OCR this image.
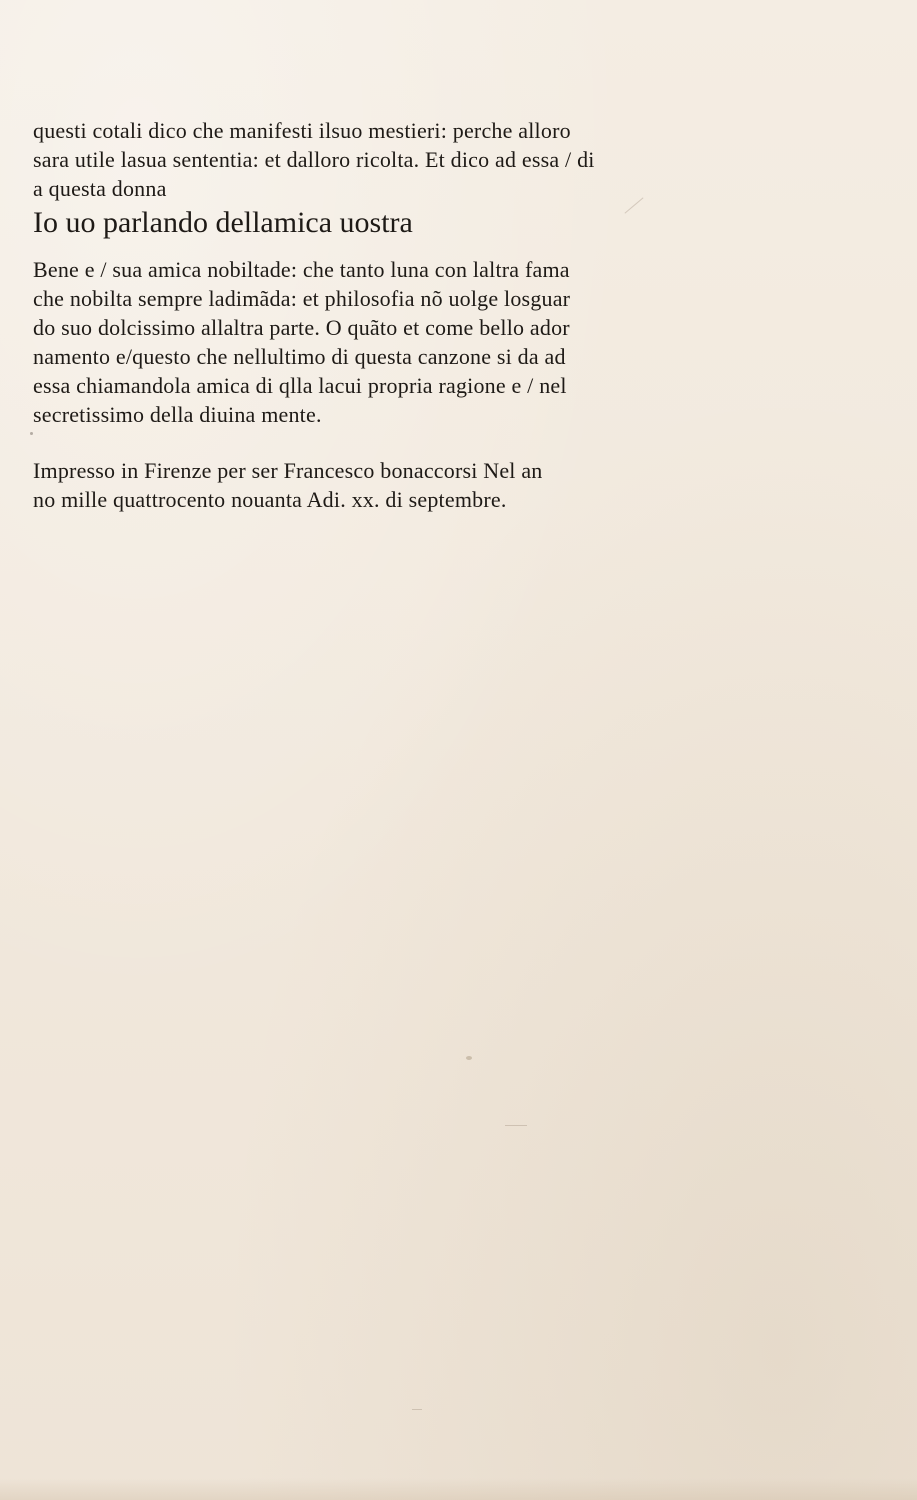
questi cotali dico che manifesti ilsuo mestieri: perche alloro
sara utile lasua sententia: et dalloro ricolta. Et dico ad essa / di
a questa donna
Io uo parlando dellamica uostra
Bene e / sua amica nobiltade: che tanto luna con laltra fama
che nobilta sempre ladimãda: et philosofia nõ uolge losguar
do suo dolcissimo allaltra parte. O quãto et come bello ador
namento e/questo che nellultimo di questa canzone si da ad
essa chiamandola amica di qlla lacui propria ragione e / nel
secretissimo della diuina mente.
Impresso in Firenze per ser Francesco bonaccorsi Nel an
no mille quattrocento nouanta Adi. xx. di septembre.
